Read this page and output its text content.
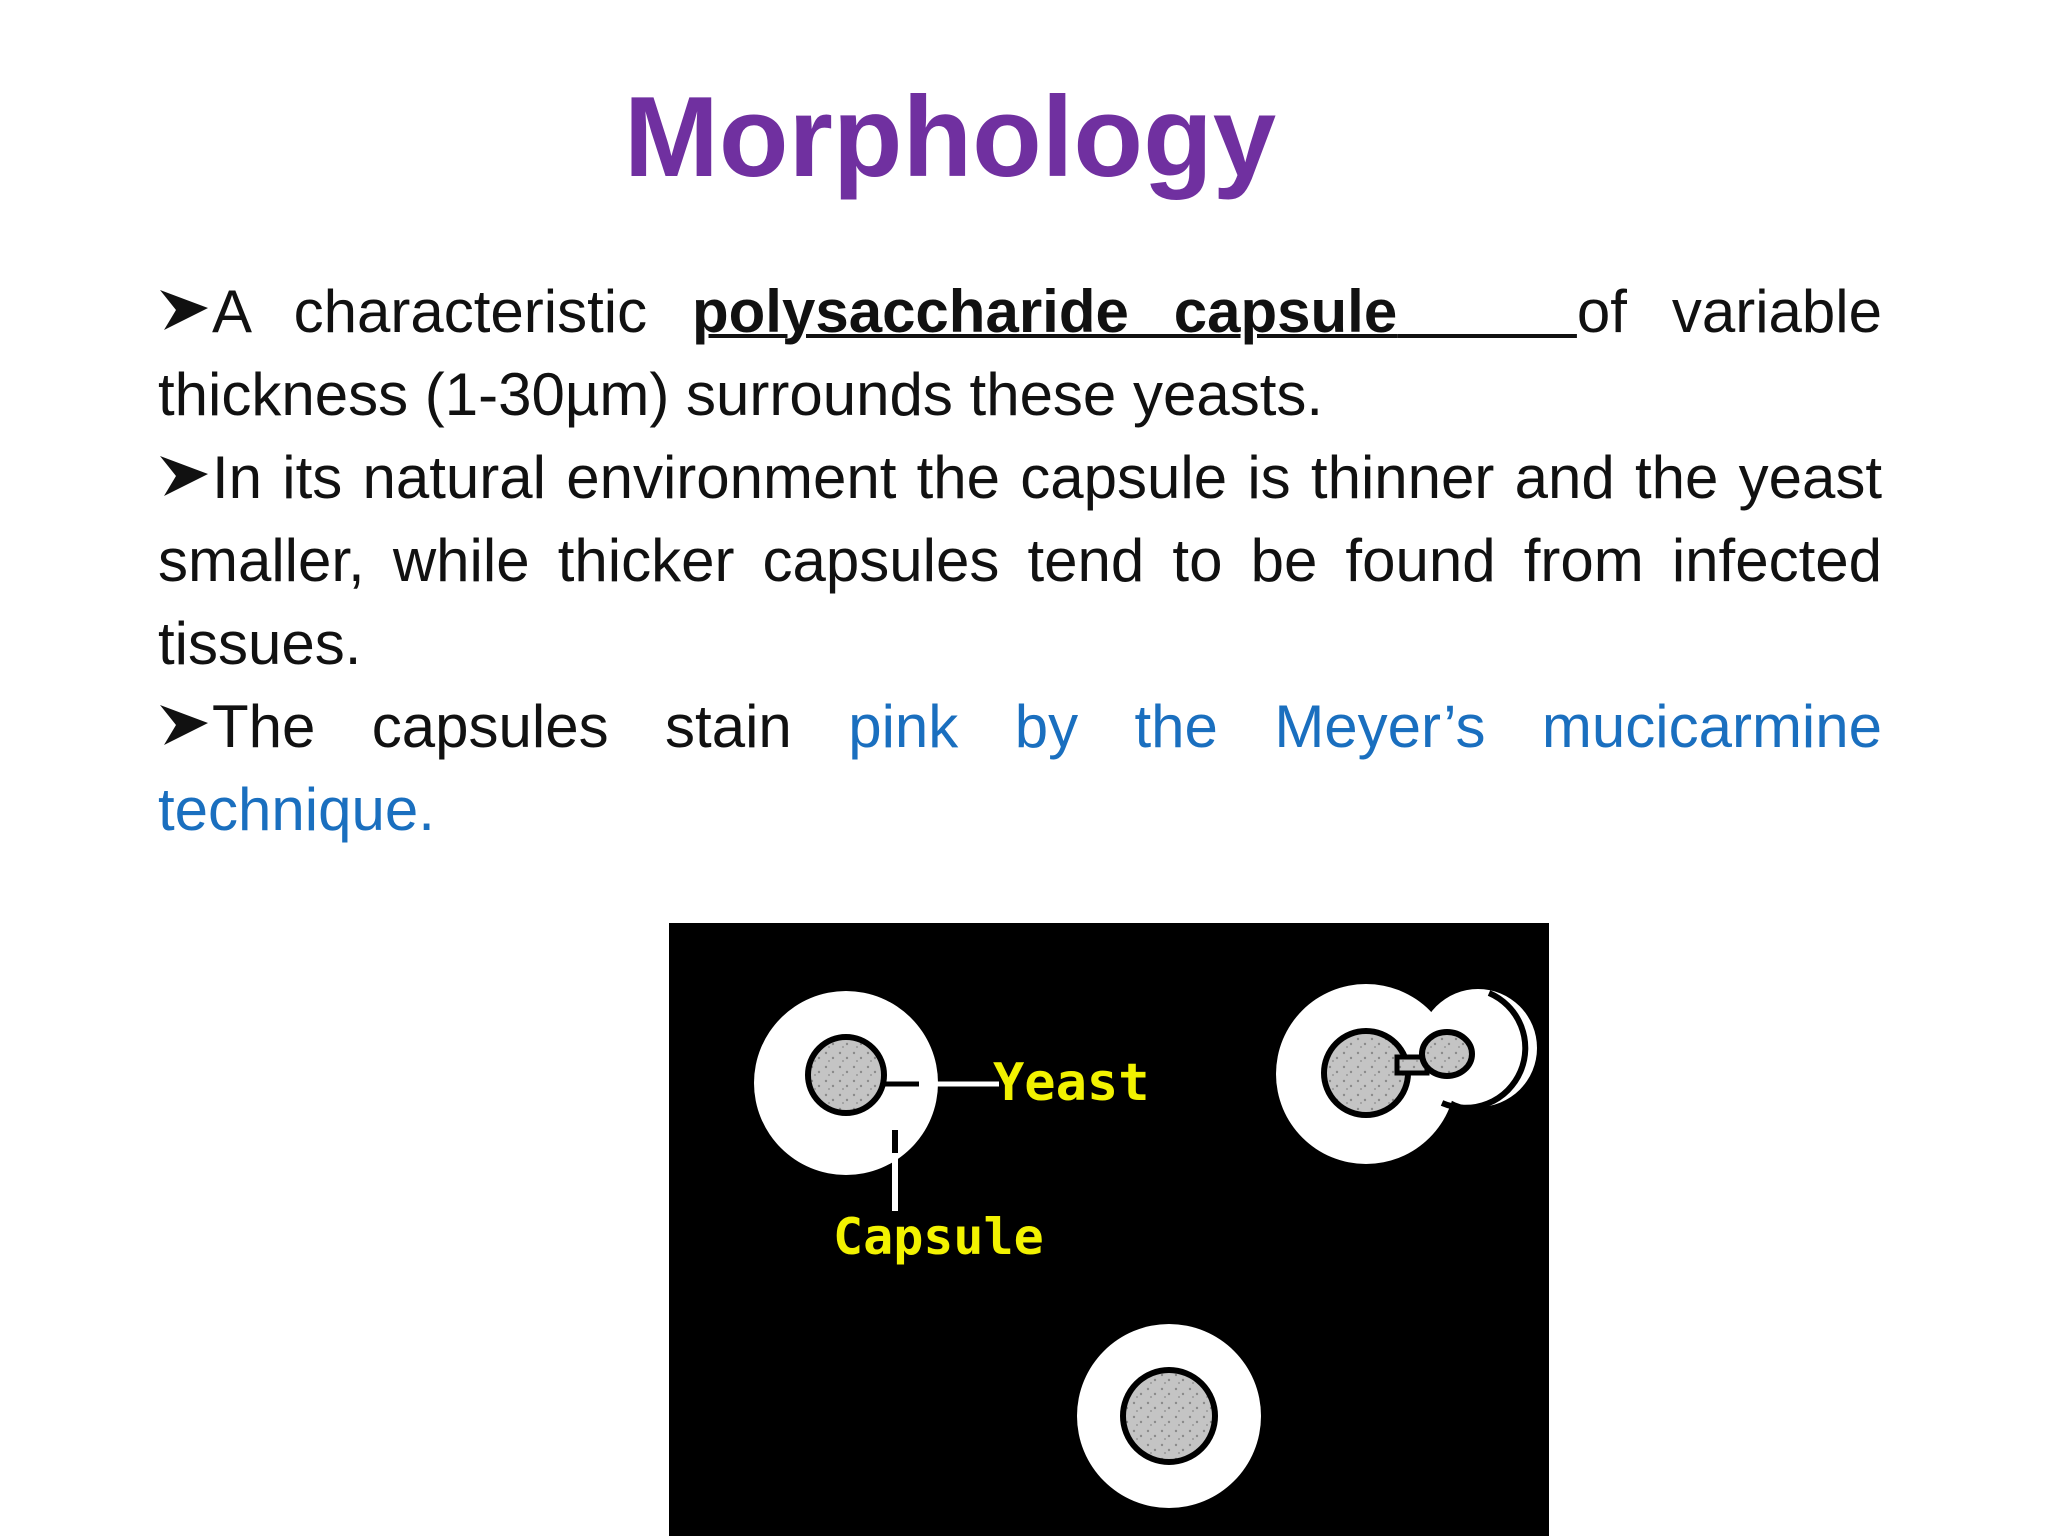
Morphology

A characteristic polysaccharide capsule	of variable thickness (1-30µm) surrounds these yeasts.

In its natural environment the capsule is thinner and the yeast smaller, while thicker capsules tend to be found from infected tissues.

The capsules stain pink by the Meyer’s mucicarmine technique.

Yeast
Capsule
